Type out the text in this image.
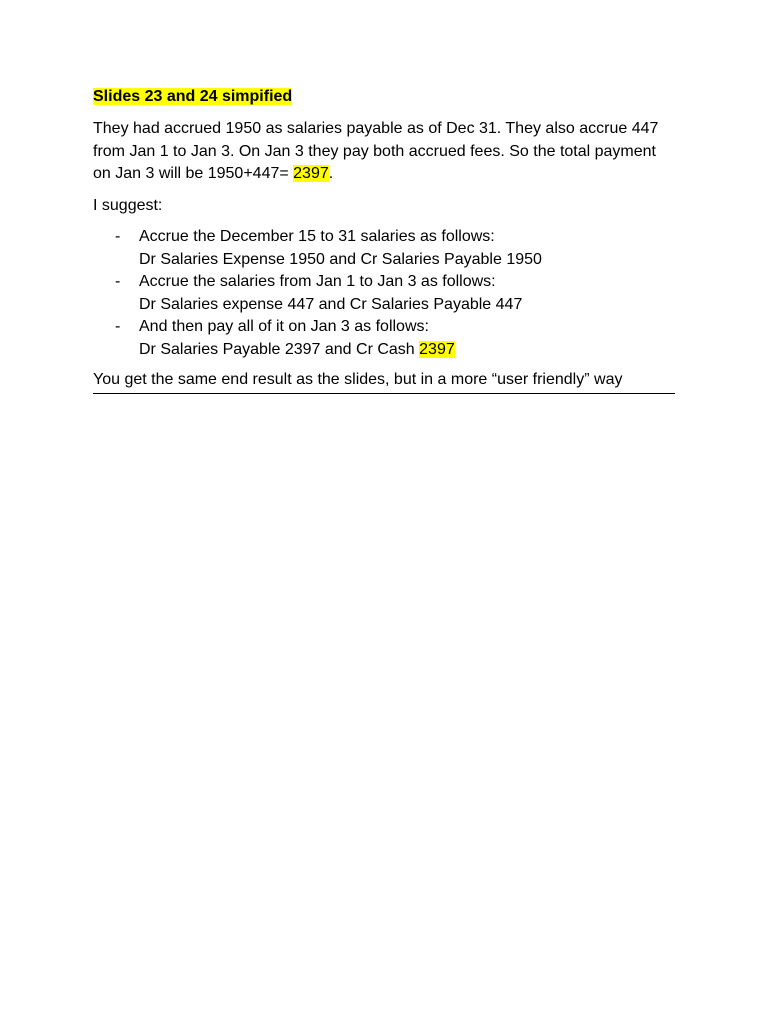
Slides 23 and 24 simpified

They had accrued 1950 as salaries payable as of Dec 31. They also accrue 447 from Jan 1 to Jan 3. On Jan 3 they pay both accrued fees. So the total payment on Jan 3 will be 1950+447= 2397.

I suggest:

- Accrue the December 15 to 31 salaries as follows:
Dr Salaries Expense 1950 and Cr Salaries Payable 1950
- Accrue the salaries from Jan 1 to Jan 3 as follows:
Dr Salaries expense 447 and Cr Salaries Payable 447
- And then pay all of it on Jan 3 as follows:
Dr Salaries Payable 2397 and Cr Cash 2397

You get the same end result as the slides, but in a more “user friendly” way
